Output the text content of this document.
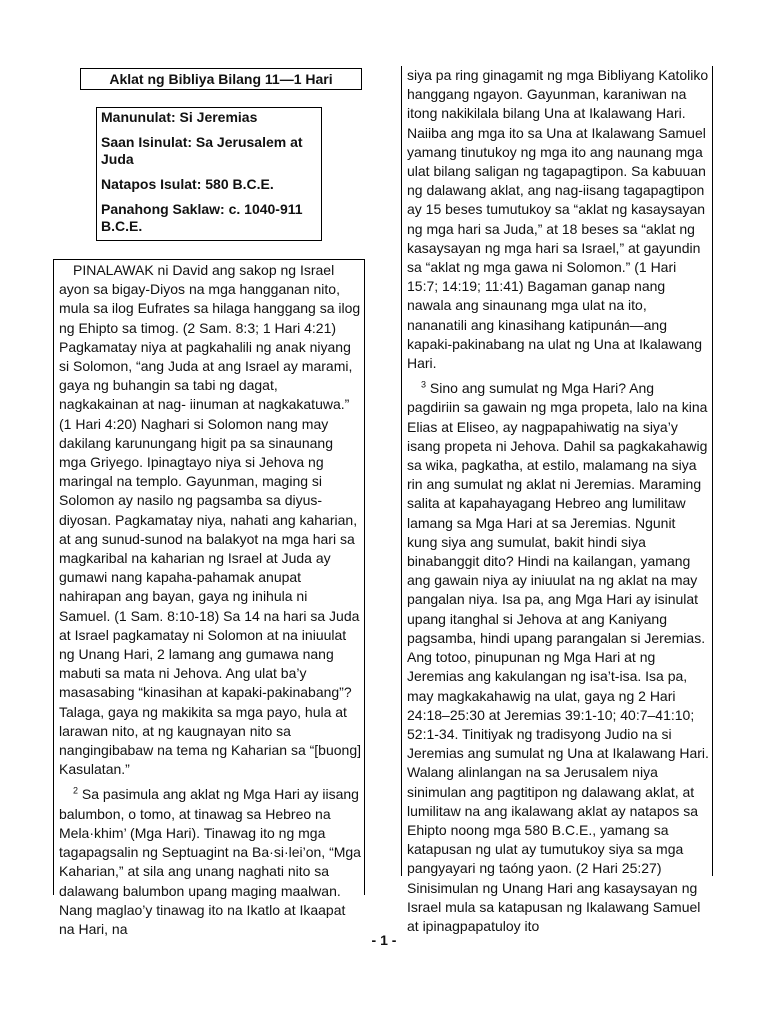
Aklat ng Bibliya Bilang 11—1 Hari

Manunulat: Si Jeremias

Saan Isinulat: Sa Jerusalem at Juda

Natapos Isulat: 580 B.C.E.

Panahong Saklaw: c. 1040-911 B.C.E.

PINALAWAK ni David ang sakop ng Israel ayon sa bigay-Diyos na mga hangganan nito, mula sa ilog Eufrates sa hilaga hanggang sa ilog ng Ehipto sa timog. (2 Sam. 8:3; 1 Hari 4:21) Pagkamatay niya at pagkahalili ng anak niyang si Solomon, “ang Juda at ang Israel ay marami, gaya ng buhangin sa tabi ng dagat, nagkakainan at nag- iinuman at nagkakatuwa.” (1 Hari 4:20) Naghari si Solomon nang may dakilang karunungang higit pa sa sinaunang mga Griyego. Ipinagtayo niya si Jehova ng maringal na templo. Gayunman, maging si Solomon ay nasilo ng pagsamba sa diyus-diyosan. Pagkamatay niya, nahati ang kaharian, at ang sunud-sunod na balakyot na mga hari sa magkaribal na kaharian ng Israel at Juda ay gumawi nang kapaha-pahamak anupat nahirapan ang bayan, gaya ng inihula ni Samuel. (1 Sam. 8:10-18) Sa 14 na hari sa Juda at Israel pagkamatay ni Solomon at na iniuulat ng Unang Hari, 2 lamang ang gumawa nang mabuti sa mata ni Jehova. Ang ulat ba’y masasabing “kinasihan at kapaki-pakinabang”? Talaga, gaya ng makikita sa mga payo, hula at larawan nito, at ng kaugnayan nito sa nangingibabaw na tema ng Kaharian sa “[buong] Kasulatan.”

$^2$ Sa pasimula ang aklat ng Mga Hari ay iisang balumbon, o tomo, at tinawag sa Hebreo na Mela·khim’ (Mga Hari). Tinawag ito ng mga tagapagsalin ng Septuagint na Ba·si·lei’on, “Mga Kaharian,” at sila ang unang naghati nito sa dalawang balumbon upang maging maalwan. Nang maglao’y tinawag ito na Ikatlo at Ikaapat na Hari, na

siya pa ring ginagamit ng mga Bibliyang Katoliko hanggang ngayon. Gayunman, karaniwan na itong nakikilala bilang Una at Ikalawang Hari. Naiiba ang mga ito sa Una at Ikalawang Samuel yamang tinutukoy ng mga ito ang naunang mga ulat bilang saligan ng tagapagtipon. Sa kabuuan ng dalawang aklat, ang nag-iisang tagapagtipon ay 15 beses tumutukoy sa “aklat ng kasaysayan ng mga hari sa Juda,” at 18 beses sa “aklat ng kasaysayan ng mga hari sa Israel,” at gayundin sa “aklat ng mga gawa ni Solomon.” (1 Hari 15:7; 14:19; 11:41) Bagaman ganap nang nawala ang sinaunang mga ulat na ito, nananatili ang kinasihang katipunán—ang kapaki-pakinabang na ulat ng Una at Ikalawang Hari.

$^3$ Sino ang sumulat ng Mga Hari? Ang pagdiriin sa gawain ng mga propeta, lalo na kina Elias at Eliseo, ay nagpapahiwatig na siya’y isang propeta ni Jehova. Dahil sa pagkakahawig sa wika, pagkatha, at estilo, malamang na siya rin ang sumulat ng aklat ni Jeremias. Maraming salita at kapahayagang Hebreo ang lumilitaw lamang sa Mga Hari at sa Jeremias. Ngunit kung siya ang sumulat, bakit hindi siya binabanggit dito? Hindi na kailangan, yamang ang gawain niya ay iniuulat na ng aklat na may pangalan niya. Isa pa, ang Mga Hari ay isinulat upang itanghal si Jehova at ang Kaniyang pagsamba, hindi upang parangalan si Jeremias. Ang totoo, pinupunan ng Mga Hari at ng Jeremias ang kakulangan ng isa’t-isa. Isa pa, may magkakahawig na ulat, gaya ng 2 Hari 24:18–25:30 at Jeremias 39:1-10; 40:7–41:10; 52:1-34. Tinitiyak ng tradisyong Judio na si Jeremias ang sumulat ng Una at Ikalawang Hari. Walang alinlangan na sa Jerusalem niya sinimulan ang pagtitipon ng dalawang aklat, at lumilitaw na ang ikalawang aklat ay natapos sa Ehipto noong mga 580 B.C.E., yamang sa katapusan ng ulat ay tumutukoy siya sa mga pangyayari ng taóng yaon. (2 Hari 25:27) Sinisimulan ng Unang Hari ang kasaysayan ng Israel mula sa katapusan ng Ikalawang Samuel at ipinagpapatuloy ito

- 1 -
